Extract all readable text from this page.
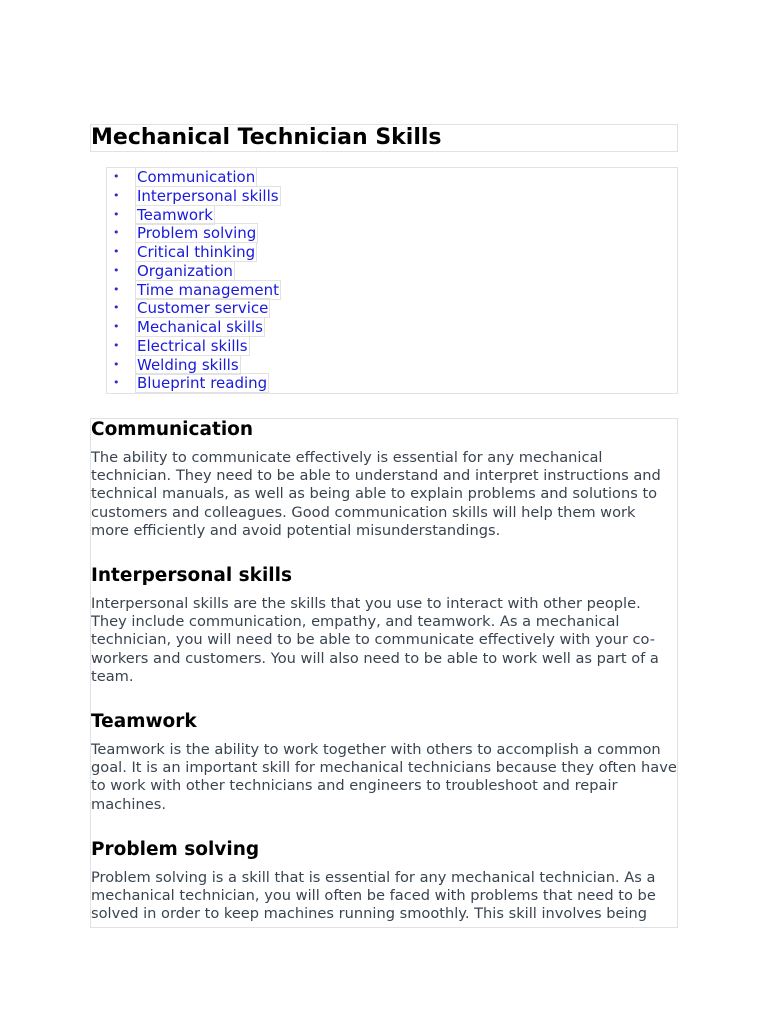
Mechanical Technician Skills
• Communication
• Interpersonal skills
• Teamwork
• Problem solving
• Critical thinking
• Organization
• Time management
• Customer service
• Mechanical skills
• Electrical skills
• Welding skills
• Blueprint reading
Communication

The ability to communicate effectively is essential for any mechanical technician. They need to be able to understand and interpret instructions and technical manuals, as well as being able to explain problems and solutions to customers and colleagues. Good communication skills will help them work more efficiently and avoid potential misunderstandings.

Interpersonal skills

Interpersonal skills are the skills that you use to interact with other people. They include communication, empathy, and teamwork. As a mechanical technician, you will need to be able to communicate effectively with your co-workers and customers. You will also need to be able to work well as part of a team.

Teamwork

Teamwork is the ability to work together with others to accomplish a common goal. It is an important skill for mechanical technicians because they often have to work with other technicians and engineers to troubleshoot and repair machines.

Problem solving

Problem solving is a skill that is essential for any mechanical technician. As a mechanical technician, you will often be faced with problems that need to be solved in order to keep machines running smoothly. This skill involves being
